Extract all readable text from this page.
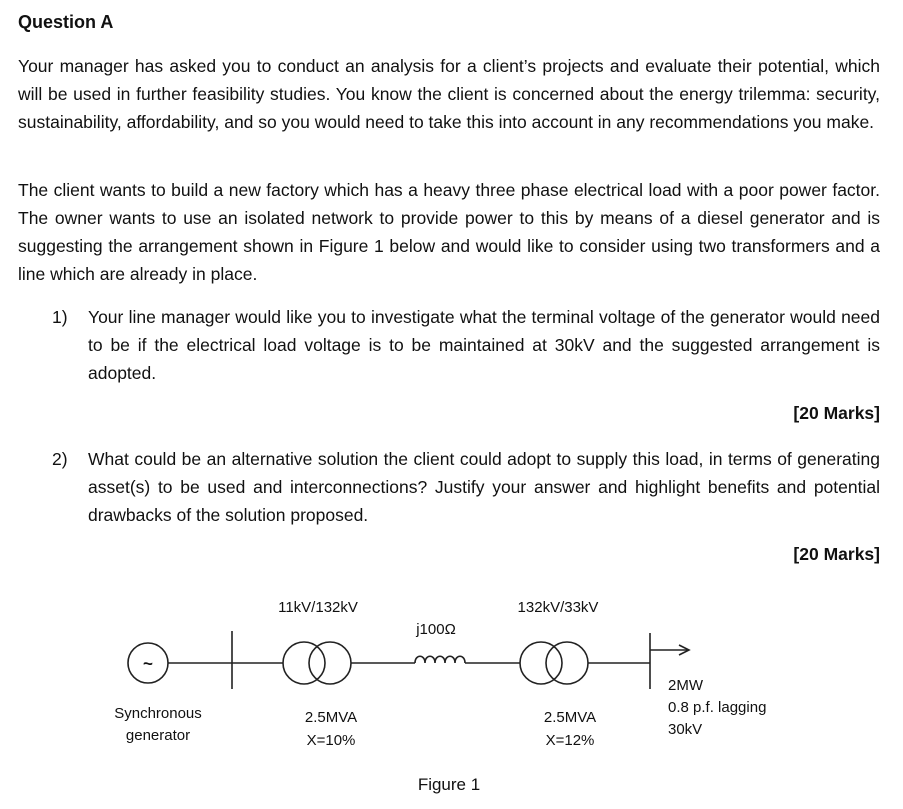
Question A

Your manager has asked you to conduct an analysis for a client’s projects and evaluate their potential, which will be used in further feasibility studies. You know the client is concerned about the energy trilemma: security, sustainability, affordability, and so you would need to take this into account in any recommendations you make.

The client wants to build a new factory which has a heavy three phase electrical load with a poor power factor. The owner wants to use an isolated network to provide power to this by means of a diesel generator and is suggesting the arrangement shown in Figure 1 below and would like to consider using two transformers and a line which are already in place.

1) Your line manager would like you to investigate what the terminal voltage of the generator would need to be if the electrical load voltage is to be maintained at 30kV and the suggested arrangement is adopted.

[20 Marks]
2) What could be an alternative solution the client could adopt to supply this load, in terms of generating asset(s) to be used and interconnections? Justify your answer and highlight benefits and potential drawbacks of the solution proposed.

[20 Marks]
~
Synchronous
generator
11kV/132kV
2.5MVA
X=10%
j100Ω
132kV/33kV
2.5MVA
X=12%
2MW
0.8 p.f. lagging
30kV
Figure 1
